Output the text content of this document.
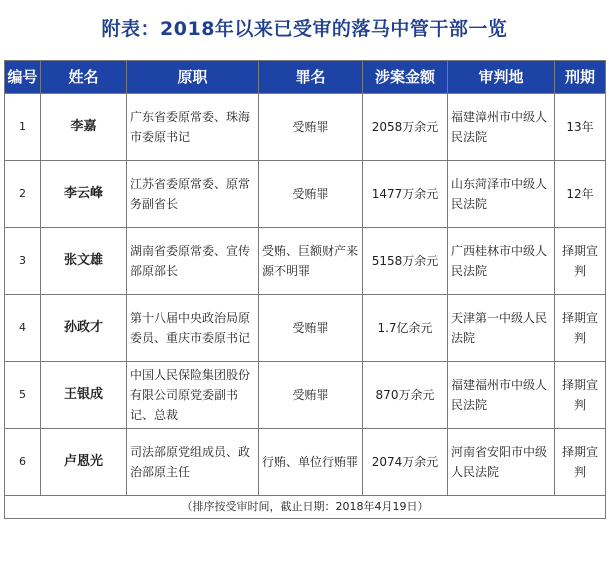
附表：2018年以来已受审的落马中管干部一览
编号	姓名	原职	罪名	涉案金额	审判地	刑期
1	李嘉	广东省委原常委、珠海市委原书记	受贿罪	2058万余元	福建漳州市中级人民法院	13年
2	李云峰	江苏省委原常委、原常务副省长	受贿罪	1477万余元	山东菏泽市中级人民法院	12年
3	张文雄	湖南省委原常委、宣传部原部长	受贿、巨额财产来源不明罪	5158万余元	广西桂林市中级人民法院	择期宣判
4	孙政才	第十八届中央政治局原委员、重庆市委原书记	受贿罪	1.7亿余元	天津第一中级人民法院	择期宣判
5	王银成	中国人民保险集团股份有限公司原党委副书记、总裁	受贿罪	870万余元	福建福州市中级人民法院	择期宣判
6	卢恩光	司法部原党组成员、政治部原主任	行贿、单位行贿罪	2074万余元	河南省安阳市中级人民法院	择期宣判
（排序按受审时间，截止日期：2018年4月19日）						
